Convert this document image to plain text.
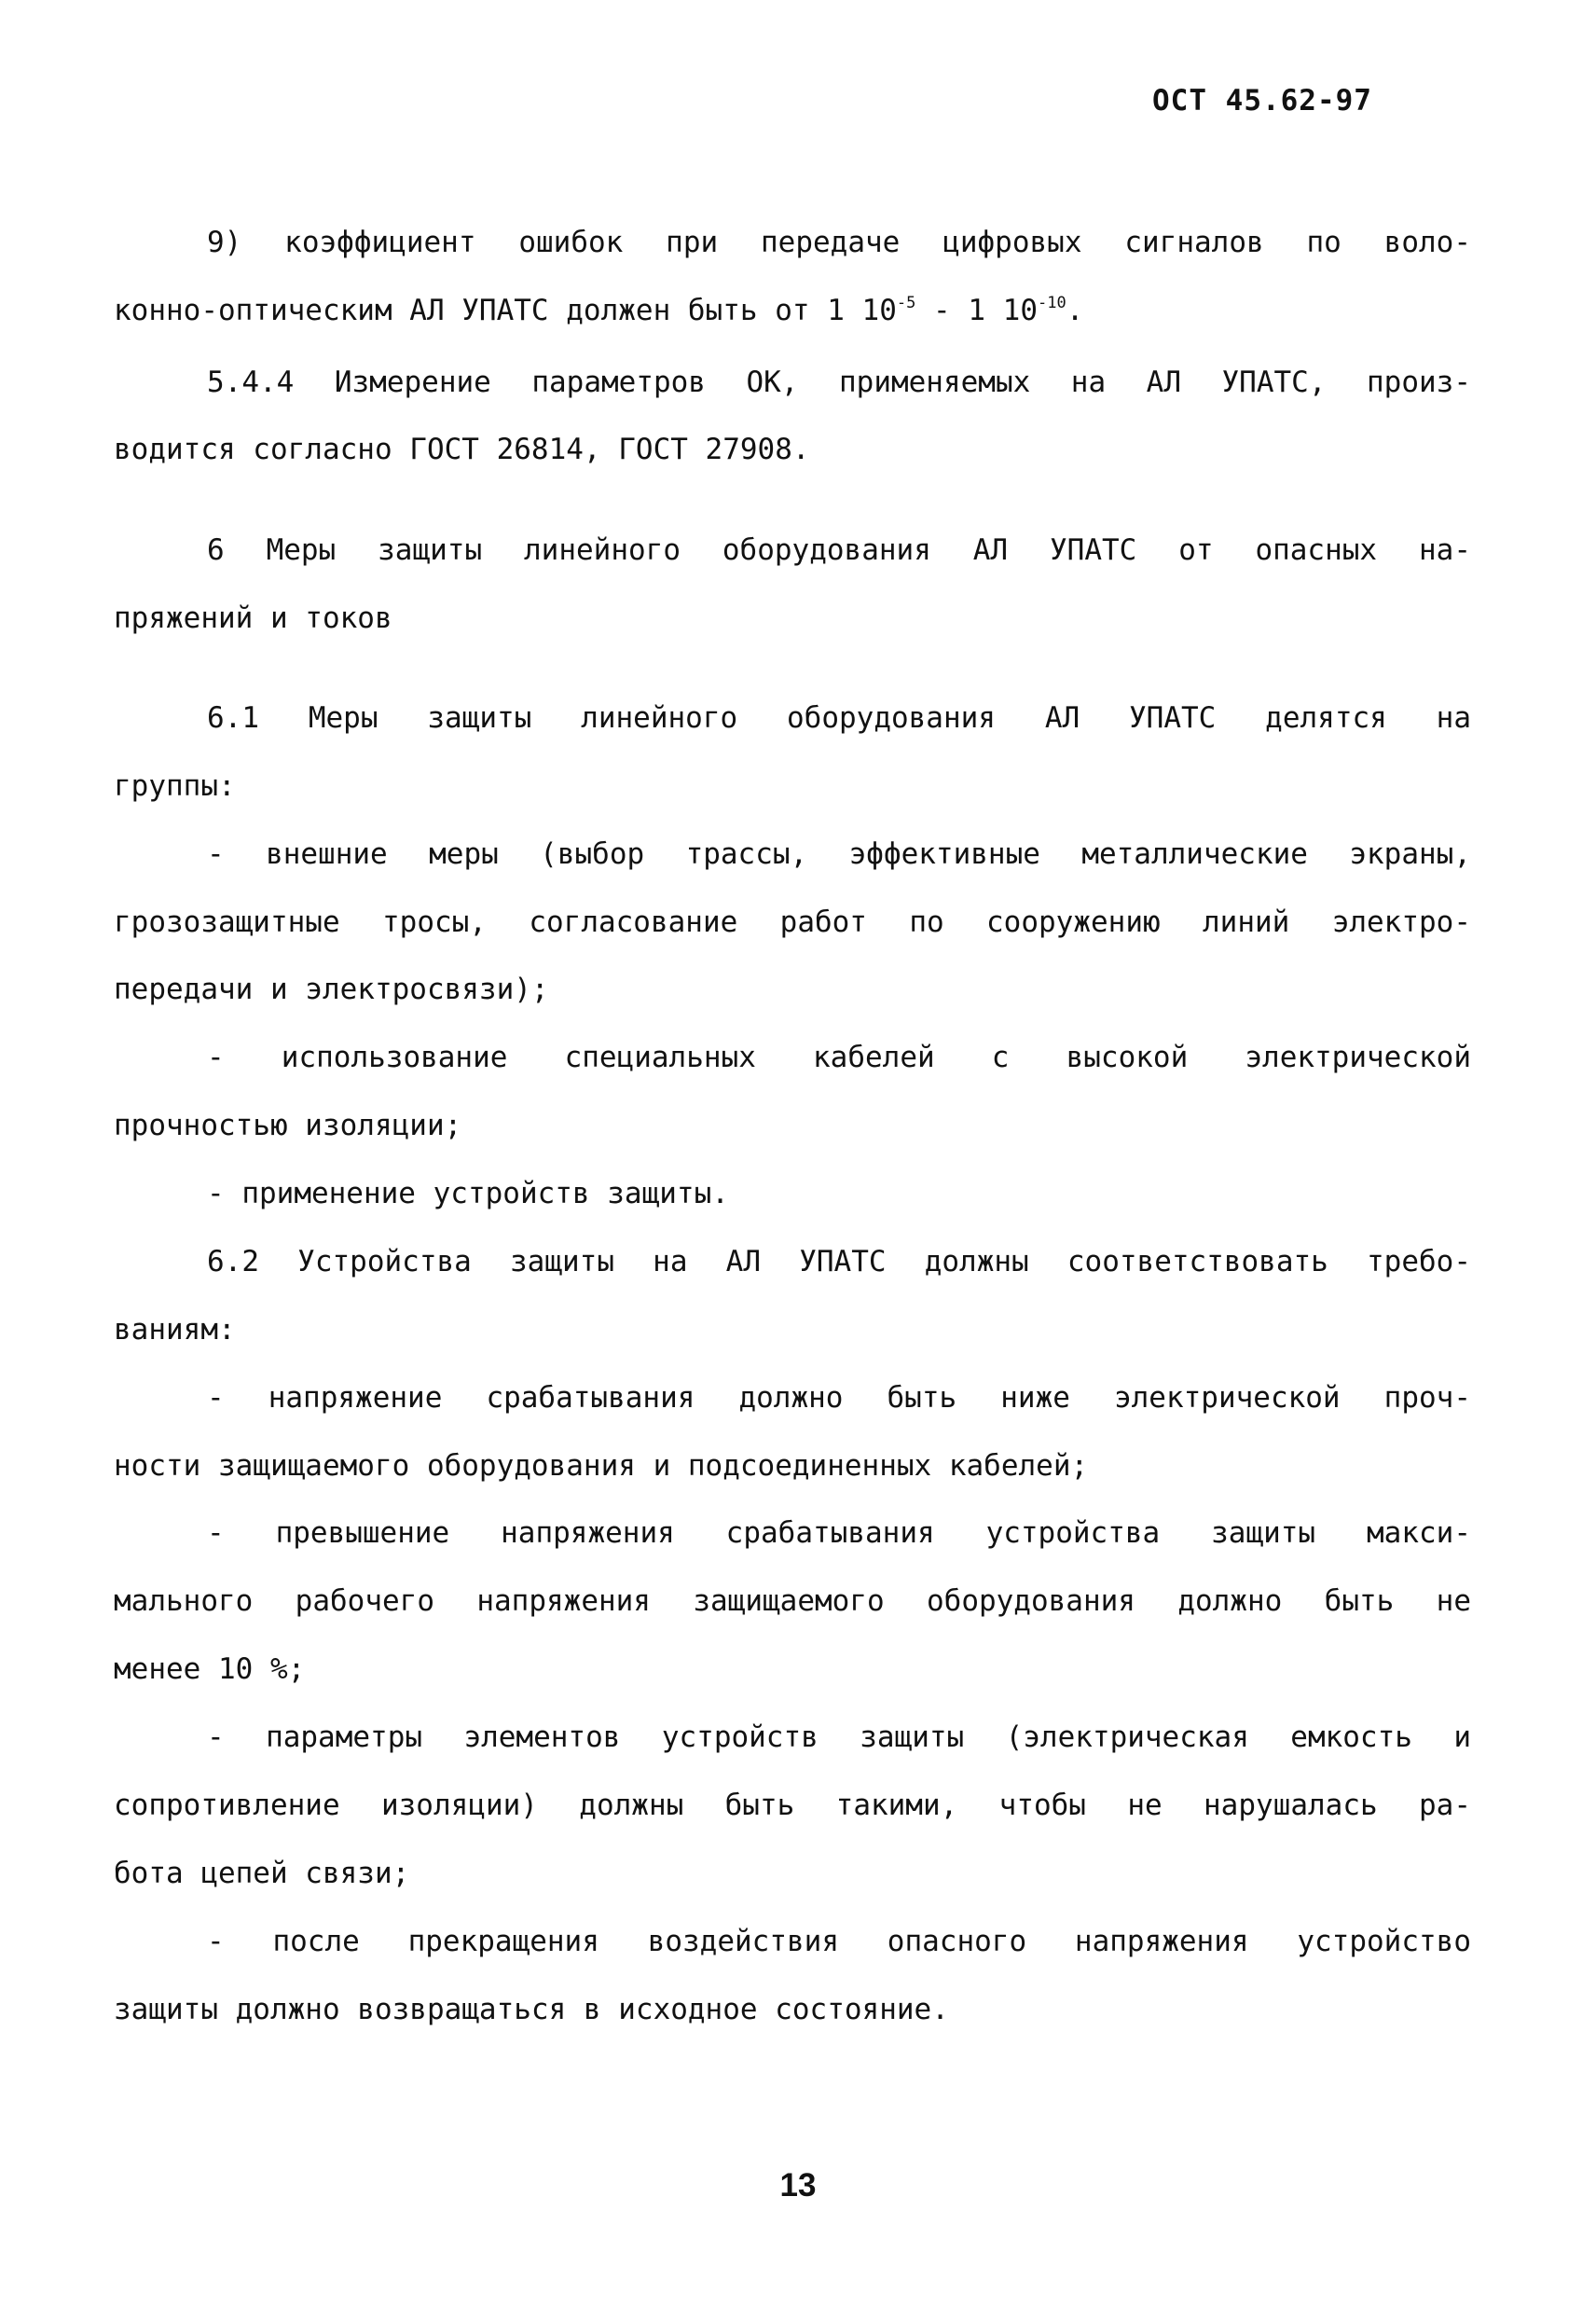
ОСТ 45.62-97
9) коэффициент ошибок при передаче цифровых сигналов по воло-
конно-оптическим АЛ УПАТС должен быть от 1 $10^{-5} - 1$ $10^{-10}$.
5.4.4 Измерение параметров ОК, применяемых на АЛ УПАТС, произ-
водится согласно ГОСТ 26814, ГОСТ 27908.
6 Меры защиты линейного оборудования АЛ УПАТС от опасных на-
пряжений и токов
6.1 Меры защиты линейного оборудования АЛ УПАТС делятся на
группы:
- внешние меры (выбор трассы, эффективные металлические экраны,
грозозащитные тросы, согласование работ по сооружению линий электро-
передачи и электросвязи);
- использование специальных кабелей с высокой электрической
прочностью изоляции;
- применение устройств защиты.
6.2 Устройства защиты на АЛ УПАТС должны соответствовать требо-
ваниям:
- напряжение срабатывания должно быть ниже электрической проч-
ности защищаемого оборудования и подсоединенных кабелей;
- превышение напряжения срабатывания устройства защиты макси-
мального рабочего напряжения защищаемого оборудования должно быть не
менее 10 %;
- параметры элементов устройств защиты (электрическая емкость и
сопротивление изоляции) должны быть такими, чтобы не нарушалась ра-
бота цепей связи;
- после прекращения воздействия опасного напряжения устройство
защиты должно возвращаться в исходное состояние.
13
